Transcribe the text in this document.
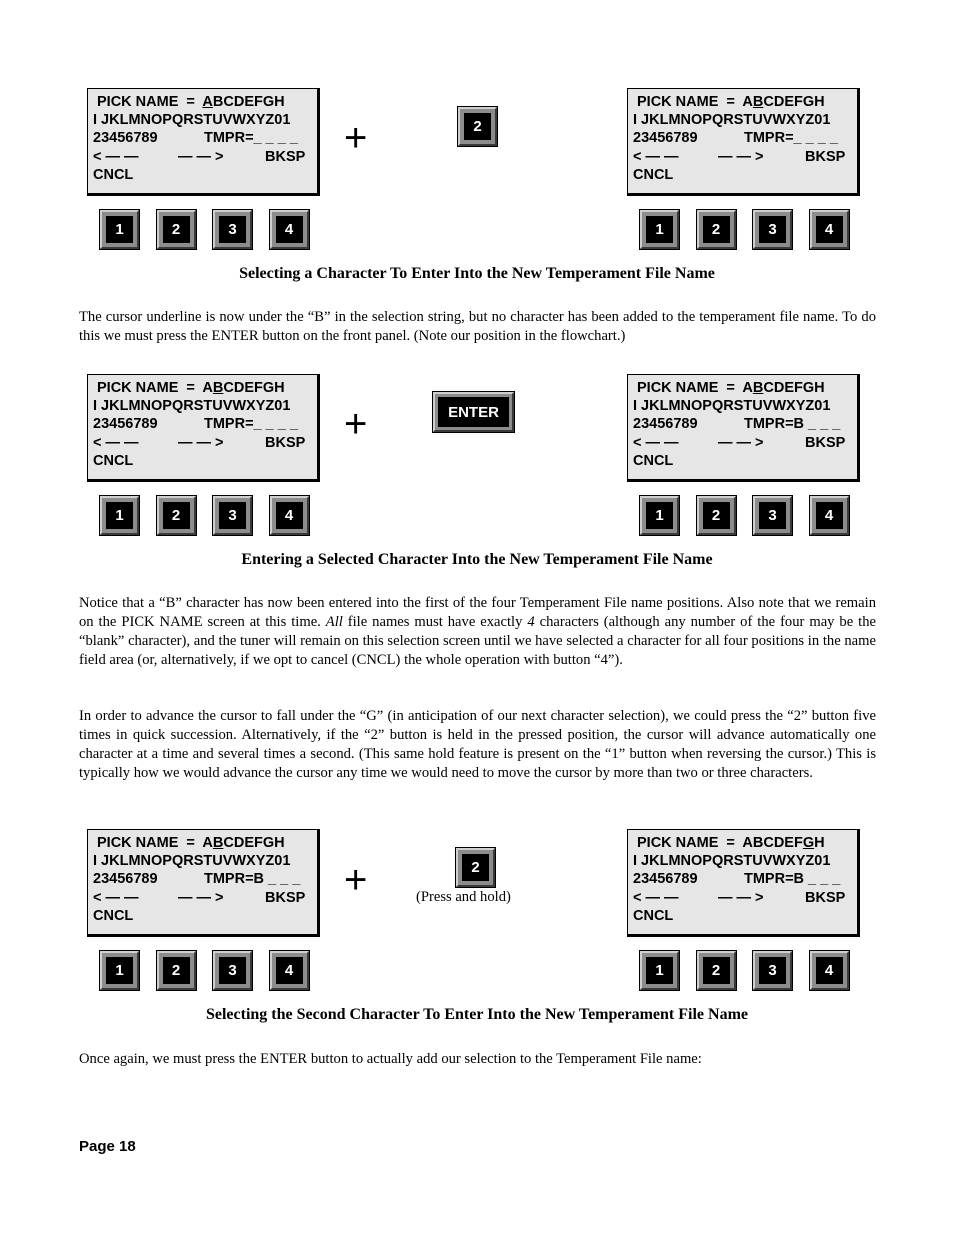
PICK NAME  =  ABCDEFGH
I JKLMNOPQRSTUVWXYZ01
23456789	TMPR=_ _ _ _
< — —	— — >	BKSP
CNCL
+	2
PICK NAME  =  ABCDEFGH
I JKLMNOPQRSTUVWXYZ01
23456789	TMPR=_ _ _ _
< — —	— — >	BKSP
CNCL
Selecting a Character To Enter Into the New Temperament File Name
The cursor underline is now under the “B” in the selection string, but no character has been added to the temperament file name. To do this we must press the ENTER button on the front panel. (Note our position in the flowchart.)
PICK NAME  =  ABCDEFGH
I JKLMNOPQRSTUVWXYZ01
23456789	TMPR=_ _ _ _
< — —	— — >	BKSP
CNCL
+	ENTER
PICK NAME  =  ABCDEFGH
I JKLMNOPQRSTUVWXYZ01
23456789	TMPR=B _ _ _
< — —	— — >	BKSP
CNCL
Entering a Selected Character Into the New Temperament File Name
Notice that a “B” character has now been entered into the first of the four Temperament File name positions. Also note that we remain on the PICK NAME screen at this time. All file names must have exactly 4 characters (although any number of the four may be the “blank” character), and the tuner will remain on this selection screen until we have selected a character for all four positions in the name field area (or, alternatively, if we opt to cancel (CNCL) the whole operation with button “4”).
In order to advance the cursor to fall under the “G” (in anticipation of our next character selection), we could press the “2” button five times in quick succession. Alternatively, if the “2” button is held in the pressed position, the cursor will advance automatically one character at a time and several times a second. (This same hold feature is present on the “1” button when reversing the cursor.) This is typically how we would advance the cursor any time we would need to move the cursor by more than two or three characters.
PICK NAME  =  ABCDEFGH
I JKLMNOPQRSTUVWXYZ01
23456789	TMPR=B _ _ _
< — —	— — >	BKSP
CNCL
+	2
(Press and hold)
PICK NAME  =  ABCDEFGH
I JKLMNOPQRSTUVWXYZ01
23456789	TMPR=B _ _ _
< — —	— — >	BKSP
CNCL
Selecting the Second Character To Enter Into the New Temperament File Name
Once again, we must press the ENTER button to actually add our selection to the Temperament File name:
Page 18
1	2	3	4	1	2	3	4
1	2	3	4	1	2	3	4
1	2	3	4	1	2	3	4
